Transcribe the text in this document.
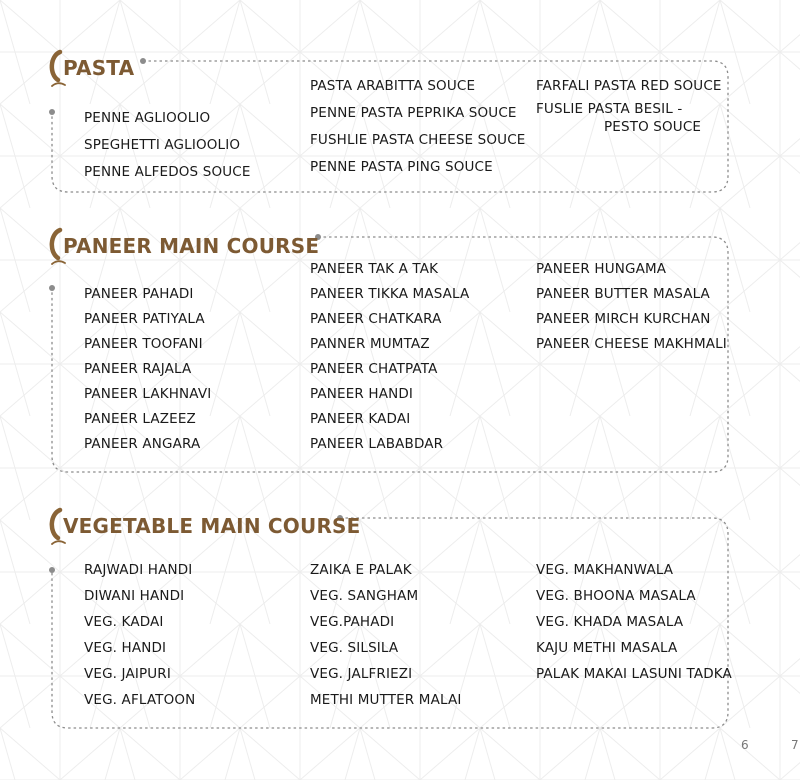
PASTA
PENNE AGLIOOLIO
SPEGHETTI AGLIOOLIO
PENNE ALFEDOS SOUCE
PASTA ARABITTA SOUCE
PENNE PASTA PEPRIKA SOUCE
FUSHLIE PASTA CHEESE SOUCE
PENNE PASTA PING SOUCE
FARFALI PASTA RED SOUCE
FUSLIE PASTA BESIL -
PESTO SOUCE
PANEER MAIN COURSE
PANEER PAHADI
PANEER PATIYALA
PANEER TOOFANI
PANEER RAJALA
PANEER LAKHNAVI
PANEER LAZEEZ
PANEER ANGARA
PANEER TAK A TAK
PANEER TIKKA MASALA
PANEER CHATKARA
PANNER MUMTAZ
PANEER CHATPATA
PANEER HANDI
PANEER KADAI
PANEER LABABDAR
PANEER HUNGAMA
PANEER BUTTER MASALA
PANEER MIRCH KURCHAN
PANEER CHEESE MAKHMALI
VEGETABLE MAIN COURSE
RAJWADI HANDI
DIWANI HANDI
VEG. KADAI
VEG. HANDI
VEG. JAIPURI
VEG. AFLATOON
ZAIKA E PALAK
VEG. SANGHAM
VEG.PAHADI
VEG. SILSILA
VEG. JALFRIEZI
METHI MUTTER MALAI
VEG. MAKHANWALA
VEG. BHOONA MASALA
VEG. KHADA MASALA
KAJU METHI MASALA
PALAK MAKAI LASUNI TADKA
6	7
